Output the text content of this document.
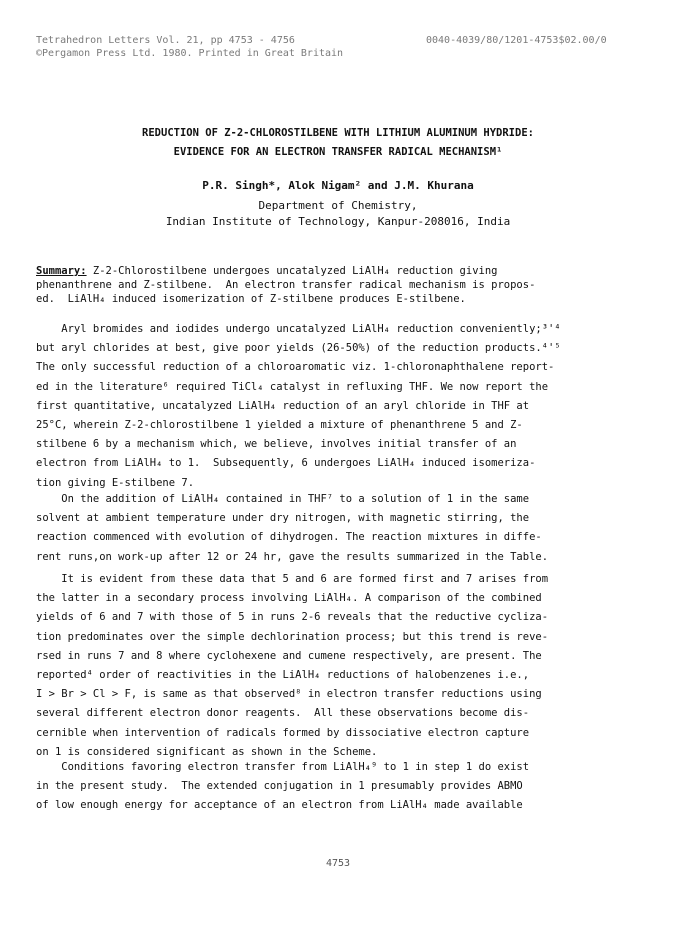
Tetrahedron Letters Vol. 21, pp 4753 - 4756
©Pergamon Press Ltd. 1980. Printed in Great Britain
0040-4039/80/1201-4753$02.00/0
REDUCTION OF Z-2-CHLOROSTILBENE WITH LITHIUM ALUMINUM HYDRIDE:
EVIDENCE FOR AN ELECTRON TRANSFER RADICAL MECHANISM¹
P.R. Singh*, Alok Nigam² and J.M. Khurana
Department of Chemistry,
Indian Institute of Technology, Kanpur-208016, India
Summary: Z-2-Chlorostilbene undergoes uncatalyzed LiAlH₄ reduction giving
phenanthrene and Z-stilbene.  An electron transfer radical mechanism is propos-
ed.  LiAlH₄ induced isomerization of Z-stilbene produces E-stilbene.
Aryl bromides and iodides undergo uncatalyzed LiAlH₄ reduction conveniently;³'⁴
but aryl chlorides at best, give poor yields (26-50%) of the reduction products.⁴'⁵
The only successful reduction of a chloroaromatic viz. 1-chloronaphthalene report-
ed in the literature⁶ required TiCl₄ catalyst in refluxing THF. We now report the
first quantitative, uncatalyzed LiAlH₄ reduction of an aryl chloride in THF at
25°C, wherein Z-2-chlorostilbene 1 yielded a mixture of phenanthrene 5 and Z-
stilbene 6 by a mechanism which, we believe, involves initial transfer of an
electron from LiAlH₄ to 1.  Subsequently, 6 undergoes LiAlH₄ induced isomeriza-
tion giving E-stilbene 7.
On the addition of LiAlH₄ contained in THF⁷ to a solution of 1 in the same
solvent at ambient temperature under dry nitrogen, with magnetic stirring, the
reaction commenced with evolution of dihydrogen. The reaction mixtures in diffe-
rent runs,on work-up after 12 or 24 hr, gave the results summarized in the Table.
It is evident from these data that 5 and 6 are formed first and 7 arises from
the latter in a secondary process involving LiAlH₄. A comparison of the combined
yields of 6 and 7 with those of 5 in runs 2-6 reveals that the reductive cycliza-
tion predominates over the simple dechlorination process; but this trend is reve-
rsed in runs 7 and 8 where cyclohexene and cumene respectively, are present. The
reported⁴ order of reactivities in the LiAlH₄ reductions of halobenzenes i.e.,
I > Br > Cl > F, is same as that observed⁸ in electron transfer reductions using
several different electron donor reagents.  All these observations become dis-
cernible when intervention of radicals formed by dissociative electron capture
on 1 is considered significant as shown in the Scheme.
Conditions favoring electron transfer from LiAlH₄⁹ to 1 in step 1 do exist
in the present study.  The extended conjugation in 1 presumably provides ABMO
of low enough energy for acceptance of an electron from LiAlH₄ made available
4753
